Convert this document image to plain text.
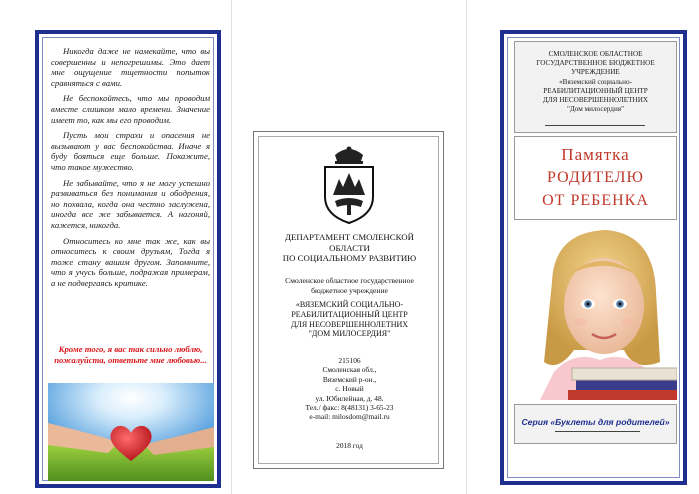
Никогда даже не намекайте, что вы совершенны и непогрешимы. Это дает мне ощущение тщетности попыток сравняться с вами.

Не беспокойтесь, что мы проводим вместе слишком мало времени. Значение имеет то, как мы его проводим.

Пусть мои страхи и опасения не вызывают у вас беспокойства. Иначе я буду бояться еще больше. Покажите, что такое мужество.

Не забывайте, что я не могу успешно развиваться без понимания и ободрения, но похвала, когда она честно заслужена, иногда все же забывается. А нагоняй, кажется, никогда.

Относитесь ко мне так же, как вы относитесь к своим друзьям, Тогда я тоже стану вашим другом. Запомните, что я учусь больше, подражая примерам, а не подвергаясь критике.

Кроме того, я вас так сильно люблю, пожалуйста, ответьте мне любовью...
ДЕПАРТАМЕНТ СМОЛЕНСКОЙ
ОБЛАСТИ
ПО СОЦИАЛЬНОМУ РАЗВИТИЮ
Смоленское областное государственное
бюджетное учреждение
«ВЯЗЕМСКИЙ СОЦИАЛЬНО-
РЕАБИЛИТАЦИОННЫЙ ЦЕНТР
ДЛЯ НЕСОВЕРШЕННОЛЕТНИХ
"ДОМ МИЛОСЕРДИЯ"
215106
Смоленская обл.,
Вяземский р-он.,
с. Новый
ул. Юбилейная, д. 48.
Тел./ факс: 8(48131) 3-65-23
e-mail: milosdom@mail.ru
2018 год
СМОЛЕНСКОЕ ОБЛАСТНОЕ
ГОСУДАРСТВЕННОЕ БЮДЖЕТНОЕ
УЧРЕЖДЕНИЕ
«Вяземский социально-
РЕАБИЛИТАЦИОННЫЙ ЦЕНТР
ДЛЯ НЕСОВЕРШЕННОЛЕТНИХ
"Дом милосердия"
Памятка
РОДИТЕЛЮ
ОТ РЕБЕНКА
Серия «Буклеты для родителей»
